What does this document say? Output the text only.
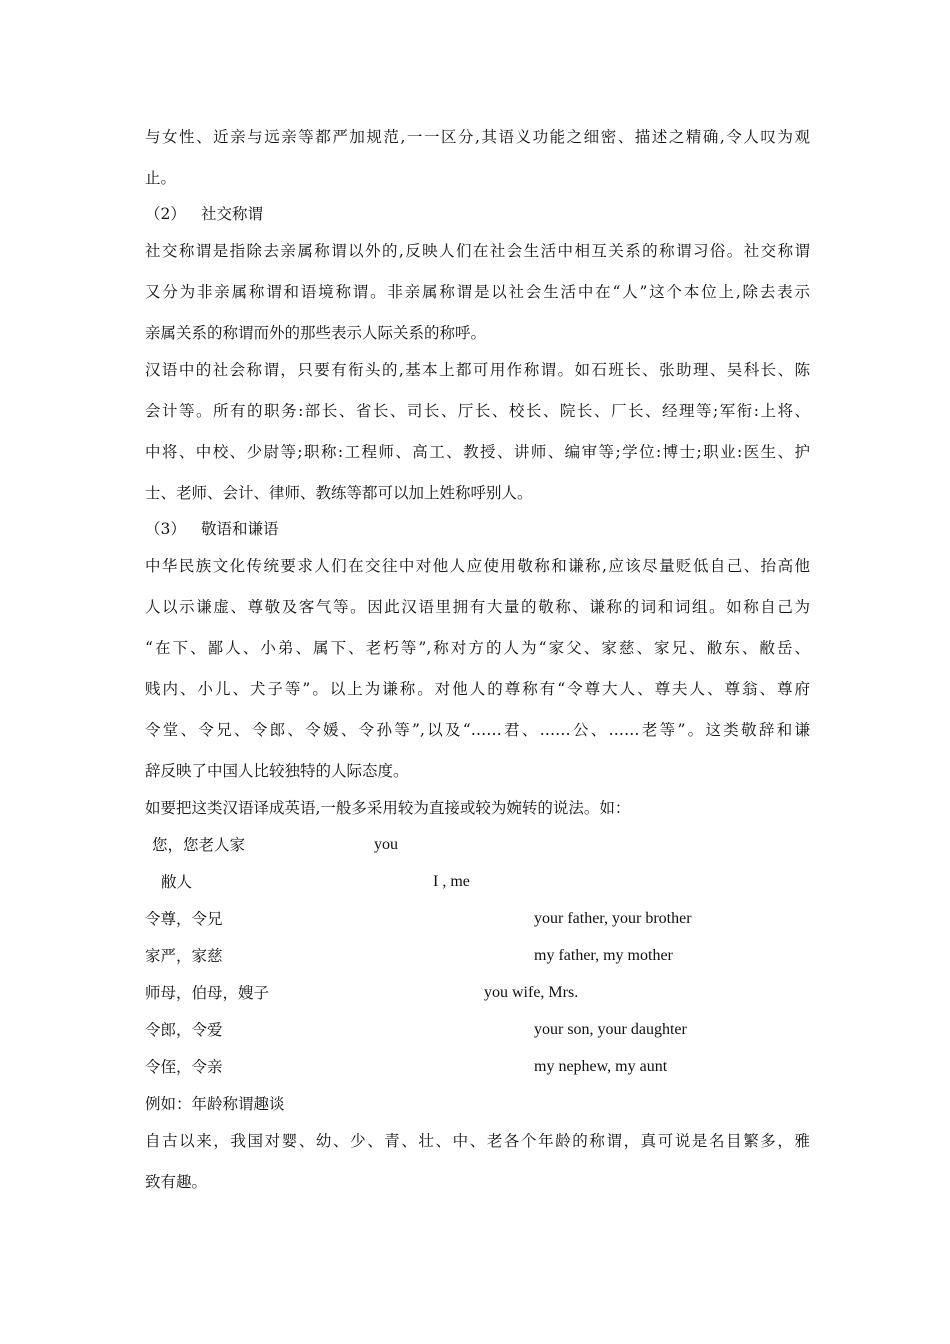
与女性、近亲与远亲等都严加规范,一一区分,其语义功能之细密、描述之精确,令人叹为观
止。
（2） 社交称谓
社交称谓是指除去亲属称谓以外的,反映人们在社会生活中相互关系的称谓习俗。社交称谓
又分为非亲属称谓和语境称谓。非亲属称谓是以社会生活中在“人”这个本位上,除去表示
亲属关系的称谓而外的那些表示人际关系的称呼。
汉语中的社会称谓，只要有衔头的,基本上都可用作称谓。如石班长、张助理、吴科长、陈
会计等。所有的职务:部长、省长、司长、厅长、校长、院长、厂长、经理等;军衔:上将、
中将、中校、少尉等;职称:工程师、高工、教授、讲师、编审等;学位:博士;职业:医生、护
士、老师、会计、律师、教练等都可以加上姓称呼别人。
（3） 敬语和谦语
中华民族文化传统要求人们在交往中对他人应使用敬称和谦称,应该尽量贬低自己、抬高他
人以示谦虚、尊敬及客气等。因此汉语里拥有大量的敬称、谦称的词和词组。如称自己为
“在下、鄙人、小弟、属下、老朽等”,称对方的人为“家父、家慈、家兄、敝东、敝岳、
贱内、小儿、犬子等”。以上为谦称。对他人的尊称有“令尊大人、尊夫人、尊翁、尊府
令堂、令兄、令郎、令媛、令孙等”,以及“……君、……公、……老等”。这类敬辞和谦
辞反映了中国人比较独特的人际态度。
如要把这类汉语译成英语,一般多采用较为直接或较为婉转的说法。如：
您，您老人家	you
敝人	I , me
令尊，令兄	your father, your brother
家严，家慈	my father, my mother
师母，伯母，嫂子	you wife, Mrs.
令郎，令爱	your son, your daughter
令侄，令亲	my nephew, my aunt
例如：年龄称谓趣谈
自古以来，我国对婴、幼、少、青、壮、中、老各个年龄的称谓，真可说是名目繁多，雅
致有趣。
